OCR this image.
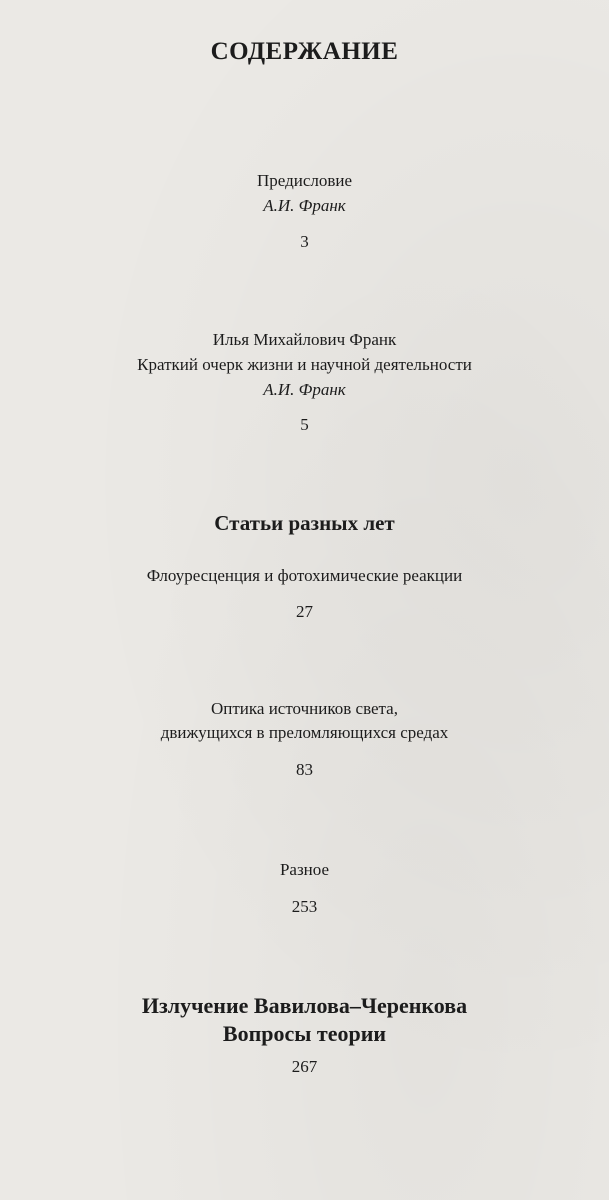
СОДЕРЖАНИЕ
Предисловие
А.И. Франк
3
Илья Михайлович Франк
Краткий очерк жизни и научной деятельности
А.И. Франк
5
Статьи разных лет
Флоуресценция и фотохимические реакции
27
Оптика источников света,
движущихся в преломляющихся средах
83
Разное
253
Излучение Вавилова–Черенкова
Вопросы теории
267
